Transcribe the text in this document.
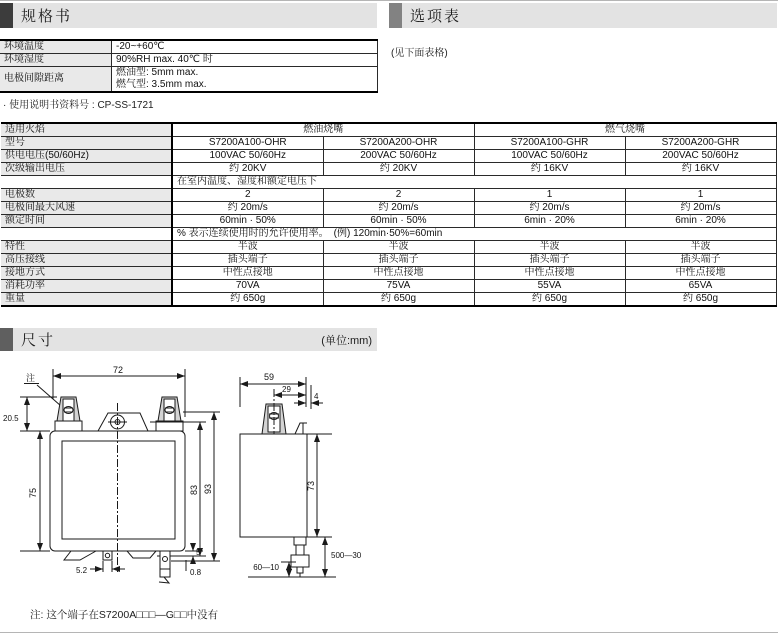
规格书	选项表
(见下面表格)
环境温度	-20~+60℃
环境湿度	90%RH max. 40℃ 时
电极间隙距离	燃油型: 5mm max.
燃气型: 3.5mm max.
· 使用说明书资料号 : CP-SS-1721
适用火焰	燃油烧嘴		燃气烧嘴	
型号	S7200A100-OHR	S7200A200-OHR	S7200A100-GHR	S7200A200-GHR
供电电压(50/60Hz)	100VAC 50/60Hz	200VAC 50/60Hz	100VAC 50/60Hz	200VAC 50/60Hz
次级输出电压	约 20KV	约 20KV	约 16KV	约 16KV
	在室内温度、湿度和额定电压下			
电极数	2	2	1	1
电极间最大风速	约 20m/s	约 20m/s	约 20m/s	约 20m/s
额定时间	60min · 50%	60min · 50%	6min · 20%	6min · 20%
	% 表示连续使用时的允许使用率。　(例) 120min·50%=60min			
特性	半波	半波	半波	半波
高压接线	插头端子	插头端子	插头端子	插头端子
接地方式	中性点接地	中性点接地	中性点接地	中性点接地
消耗功率	70VA	75VA	55VA	65VA
重量	约 650g	约 650g	约 650g	约 650g
尺寸	(单位:mm)
注
72
20.5
75	83 93
5.2
5
0.8
59
29
4
73
500—30
60—10
注: 这个端子在S7200A□□□—G□□中没有
